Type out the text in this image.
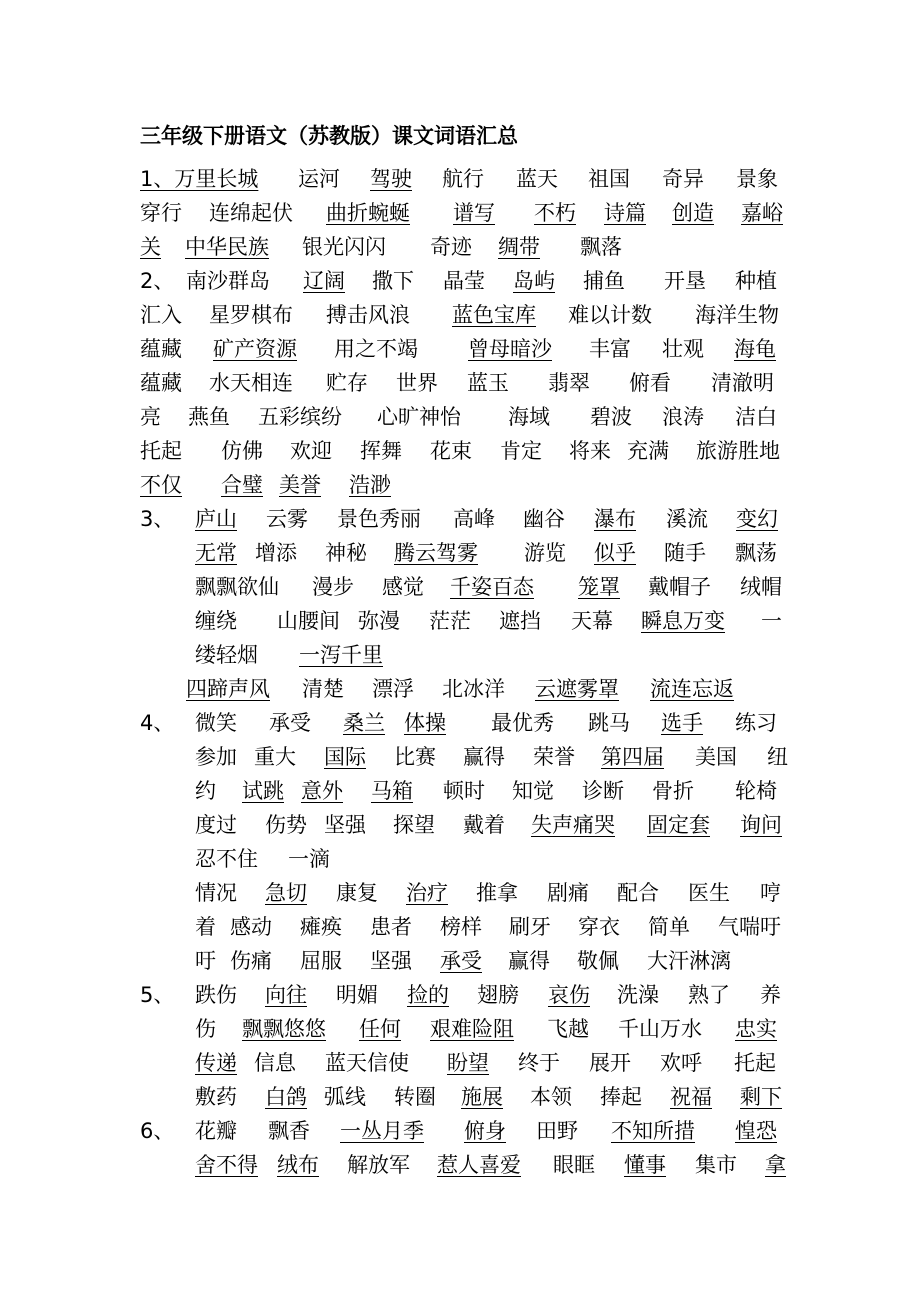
三年级下册语文（苏教版）课文词语汇总
1、万里长城 运河 驾驶	航行 蓝天 祖国 奇异 景象
穿行 连绵起伏 曲折蜿蜒	谱写 不朽 诗篇 创造 嘉峪
关 中华民族 银光闪闪 奇迹 绸带	飘落
2、 南沙群岛 辽阔 撒下 晶莹 岛屿	捕鱼 开垦 种植
汇入 星罗棋布 搏击风浪 蓝色宝库 难以计数 海洋生物
蕴藏 矿产资源 用之不竭 曾母暗沙 丰富 壮观 海龟
蕴藏 水天相连 贮存 世界 蓝玉 翡翠 俯看 清澈明
亮 燕鱼 五彩缤纷 心旷神怡 海域 碧波 浪涛 洁白
托起 仿佛 欢迎 挥舞 花束 肯定 将来 充满 旅游胜地
不仅	合璧 美誉 浩渺
3、 庐山 云雾 景色秀丽 高峰 幽谷 瀑布	溪流 变幻
无常 增添 神秘 腾云驾雾 游览 似乎 随手 飘荡
飘飘欲仙 漫步 感觉 千姿百态 笼罩 戴帽子 绒帽
缠绕 山腰间 弥漫 茫茫 遮挡 天幕 瞬息万变 一
缕轻烟 一泻千里
四蹄声风 清楚 漂浮 北冰洋 云遮雾罩 流连忘返
4、 微笑 承受 桑兰 体操	最优秀 跳马 选手 练习
参加 重大 国际 比赛 赢得 荣誉 第四届 美国 纽
约 试跳 意外 马箱 顿时 知觉 诊断 骨折 轮椅
度过 伤势 坚强 探望 戴着 失声痛哭 固定套 询问
忍不住 一滴
情况 急切 康复 治疗 推拿 剧痛 配合 医生 哼
着 感动 瘫痪 患者 榜样 刷牙 穿衣 简单 气喘吁
吁 伤痛 屈服 坚强 承受 赢得 敬佩 大汗淋漓
5、 跌伤 向往 明媚 捡的 翅膀 哀伤	洗澡 熟了 养
伤 飘飘悠悠 任何 艰难险阻 飞越 千山万水 忠实
传递 信息 蓝天信使 盼望 终于 展开 欢呼 托起
敷药 白鸽 弧线 转圈 施展 本领 捧起 祝福 剩下
6、 花瓣 飘香 一丛月季 俯身 田野 不知所措 惶恐
舍不得 绒布 解放军 惹人喜爱 眼眶 懂事 集市 拿
